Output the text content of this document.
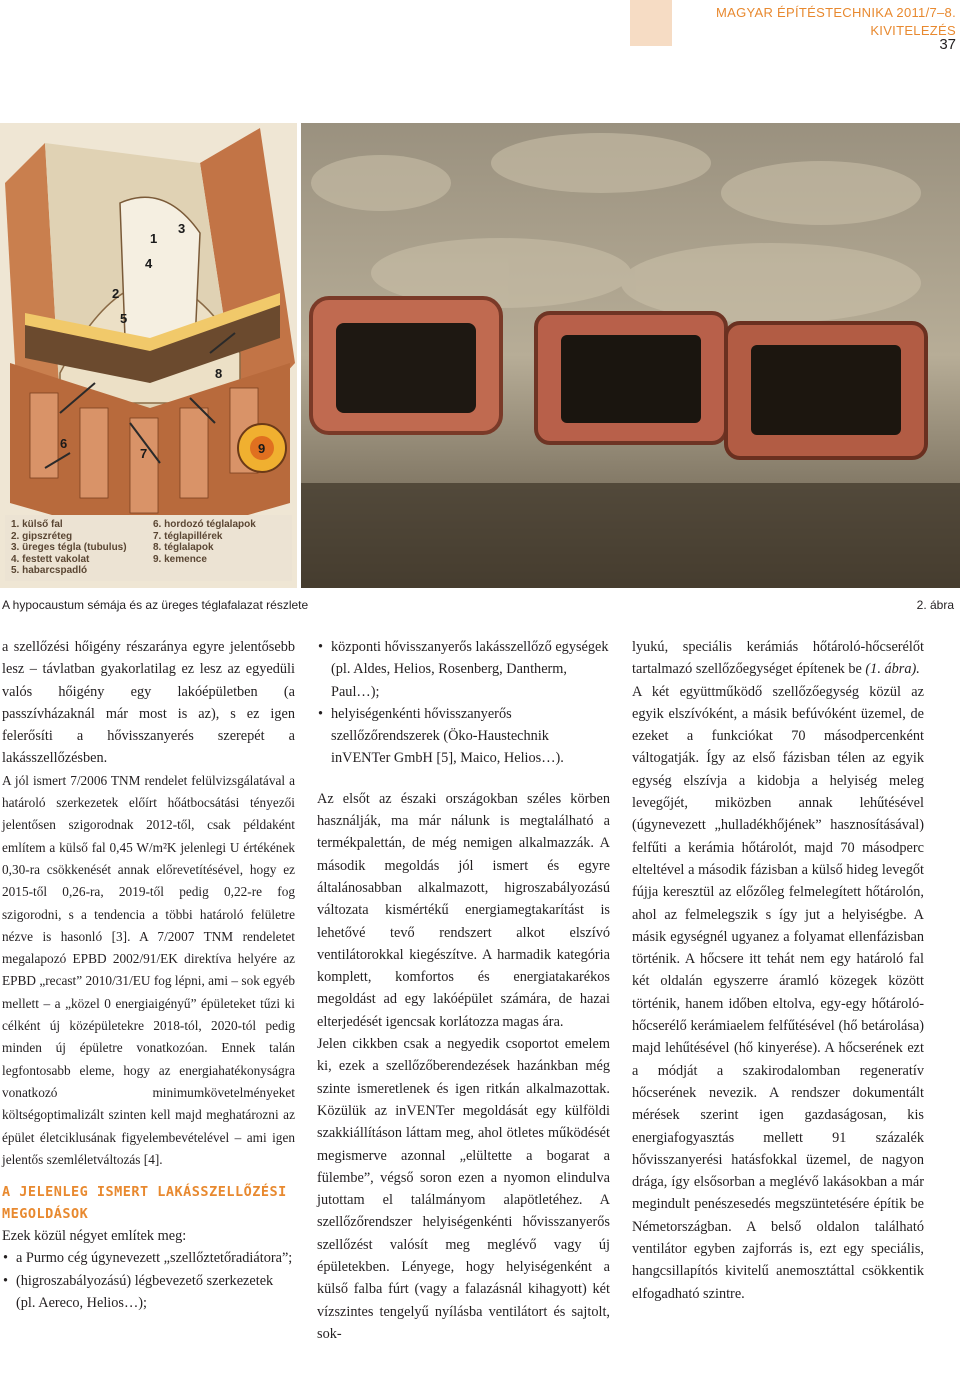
MAGYAR ÉPÍTÉSTECHNIKA 2011/7–8.
KIVITELEZÉS
37
1
2
3
4
5
6
7
8
9
1. külső fal
2. gipszréteg
3. üreges tégla (tubulus)
4. festett vakolat
5. habarcspadló
6. hordozó téglalapok
7. téglapillérek
8. téglalapok
9. kemence
A hypocaustum sémája és az üreges téglafalazat részlete	2. ábra

a szellőzési hőigény részaránya egyre jelentősebb lesz – távlatban gyakorlatilag ez lesz az egyedüli valós hőigény egy lakóépületben (a passzívházaknál már most is az), s ez igen felerősíti a hővisszanyerés szerepét a lakásszellőzésben.

A jól ismert 7/2006 TNM rendelet felülvizsgálatával a határoló szerkezetek előírt hőátbocsátási tényezői jelentősen szigorodnak 2012-től, csak példaként említem a külső fal 0,45 W/m²K jelenlegi U értékének 0,30-ra csökkenését annak előrevetítésével, hogy ez 2015-től 0,26-ra, 2019-től pedig 0,22-re fog szigorodni, s a tendencia a többi határoló felületre nézve is hasonló [3]. A 7/2007 TNM rendeletet megalapozó EPBD 2002/91/EK direktíva helyére az EPBD „recast” 2010/31/EU fog lépni, ami – sok egyéb mellett – a „közel 0 energiaigényű” épületeket tűzi ki célként új középületekre 2018-tól, 2020-tól pedig minden új épületre vonatkozóan. Ennek talán legfontosabb eleme, hogy az energiahatékonyságra vonatkozó minimumkövetelményeket költségoptimalizált szinten kell majd meghatározni az épület életciklusának figyelembevételével – ami igen jelentős szemléletváltozás [4].

A JELENLEG ISMERT LAKÁSSZELLŐZÉSI
MEGOLDÁSOK

Ezek közül négyet említek meg:

• a Purmo cég úgynevezett „szellőztetőradiátora”;
• (higroszabályozású) légbevezető szerkezetek (pl. Aereco, Helios…);
• központi hővisszanyerős lakásszellőző egységek (pl. Aldes, Helios, Rosenberg, Dantherm, Paul…);
• helyiségenkénti hővisszanyerős szellőzőrendszerek (Öko-Haustechnik inVENTer GmbH [5], Maico, Helios…).

Az elsőt az északi országokban széles körben használják, ma már nálunk is megtalálható a termékpalettán, de még nemigen alkalmazzák. A második megoldás jól ismert és egyre általánosabban alkalmazott, higroszabályozású változata kismértékű energiamegtakarítást is lehetővé tevő rendszert alkot elszívó ventilátorokkal kiegészítve. A harmadik kategória komplett, komfortos és energiatakarékos megoldást ad egy lakóépület számára, de hazai elterjedését igencsak korlátozza magas ára.

Jelen cikkben csak a negyedik csoportot emelem ki, ezek a szellőzőberendezések hazánkban még szinte ismeretlenek és igen ritkán alkalmazottak. Közülük az inVENTer megoldását egy külföldi szakkiállításon láttam meg, ahol ötletes működését megismerve azonnal „elültette a bogarat a fülembe”, végső soron ezen a nyomon elindulva jutottam el találmányom alapötletéhez. A szellőzőrendszer helyiségenkénti hővisszanyerős szellőzést valósít meg meglévő vagy új épületekben. Lényege, hogy helyiségenként a külső falba fúrt (vagy a falazásnál kihagyott) két vízszintes tengelyű nyílásba ventilátort és sajtolt, sok-

lyukú, speciális kerámiás hőtároló-hőcserélőt tartalmazó szellőzőegységet építenek be (1. ábra).

A két együttműködő szellőzőegység közül az egyik elszívóként, a másik befúvóként üzemel, de ezeket a funkciókat 70 másodpercenként váltogatják. Így az első fázisban télen az egyik egység elszívja a kidobja a helyiség meleg levegőjét, miközben annak lehűtésével (úgynevezett „hulladékhőjének” hasznosításával) felfűti a kerámia hőtárolót, majd 70 másodperc elteltével a második fázisban a külső hideg levegőt fújja keresztül az előzőleg felmelegített hőtárolón, ahol az felmelegszik s így jut a helyiségbe. A másik egységnél ugyanez a folyamat ellenfázisban történik. A hőcsere itt tehát nem egy határoló fal két oldalán egyszerre áramló közegek között történik, hanem időben eltolva, egy-egy hőtároló-hőcserélő kerámiaelem felfűtésével (hő betárolása) majd lehűtésével (hő kinyerése). A hőcserének ezt a módját a szakirodalomban regeneratív hőcserének nevezik. A rendszer dokumentált mérések szerint igen gazdaságosan, kis energiafogyasztás mellett 91 százalék hővisszanyerési hatásfokkal üzemel, de nagyon drága, így elsősorban a meglévő lakásokban a már megindult penészesedés megszüntetésére építik be Németországban. A belső oldalon található ventilátor egyben zajforrás is, ezt egy speciális, hangcsillapítós kivitelű anemosztáttal csökkentik elfogadható szintre.
